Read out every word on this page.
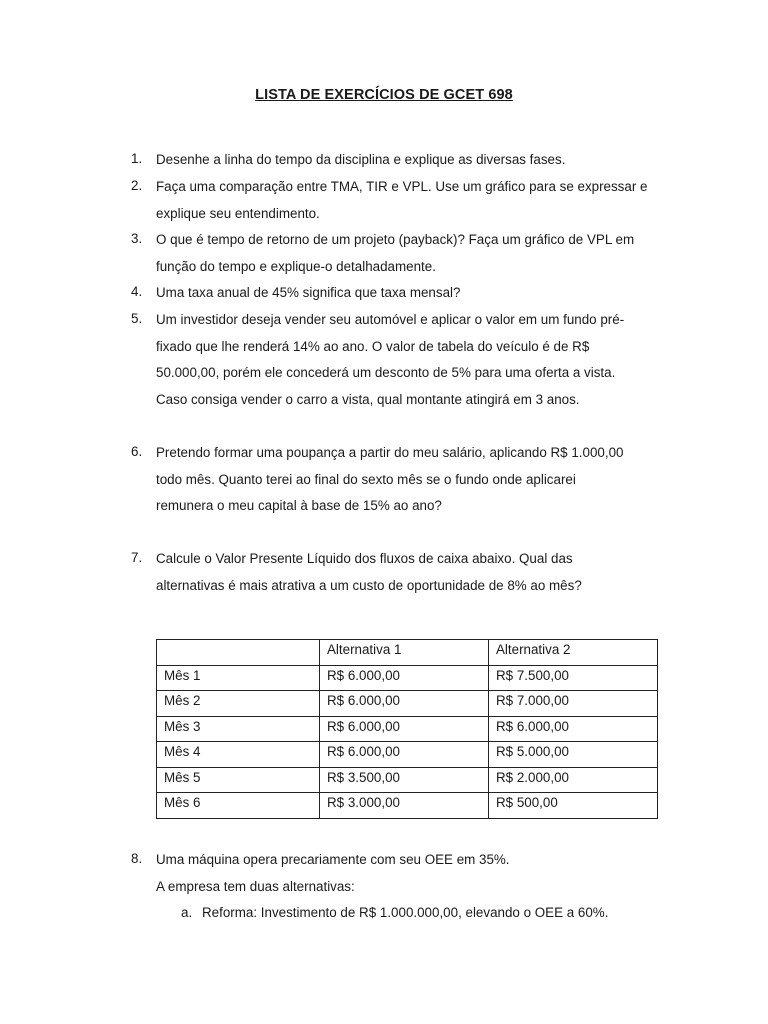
LISTA DE EXERCÍCIOS DE GCET 698
1. Desenhe a linha do tempo da disciplina e explique as diversas fases.
2. Faça uma comparação entre TMA, TIR e VPL. Use um gráfico para se expressar e
explique seu entendimento.
3. O que é tempo de retorno de um projeto (payback)? Faça um gráfico de VPL em
função do tempo e explique-o detalhadamente.
4. Uma taxa anual de 45% significa que taxa mensal?
5. Um investidor deseja vender seu automóvel e aplicar o valor em um fundo pré-
fixado que lhe renderá 14% ao ano. O valor de tabela do veículo é de R$
50.000,00, porém ele concederá um desconto de 5% para uma oferta a vista.
Caso consiga vender o carro a vista, qual montante atingirá em 3 anos.
6. Pretendo formar uma poupança a partir do meu salário, aplicando R$ 1.000,00
todo mês. Quanto terei ao final do sexto mês se o fundo onde aplicarei
remunera o meu capital à base de 15% ao ano?
7. Calcule o Valor Presente Líquido dos fluxos de caixa abaixo. Qual das
alternativas é mais atrativa a um custo de oportunidade de 8% ao mês?
	Alternativa 1	Alternativa 2
Mês 1	R$ 6.000,00	R$ 7.500,00
Mês 2	R$ 6.000,00	R$ 7.000,00
Mês 3	R$ 6.000,00	R$ 6.000,00
Mês 4	R$ 6.000,00	R$ 5.000,00
Mês 5	R$ 3.500,00	R$ 2.000,00
Mês 6	R$ 3.000,00	R$ 500,00
8. Uma máquina opera precariamente com seu OEE em 35%.
A empresa tem duas alternativas:
a. Reforma: Investimento de R$ 1.000.000,00, elevando o OEE a 60%.
